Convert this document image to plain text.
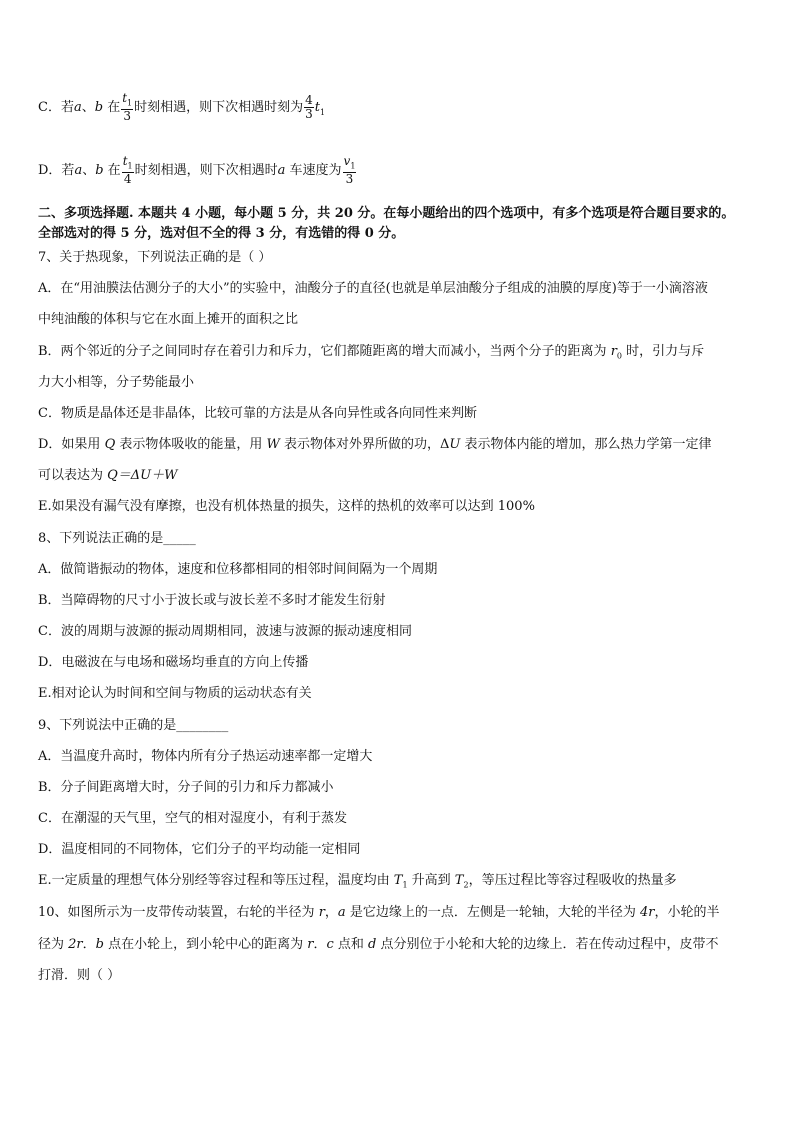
C．若a、b 在 $\frac{t_1}{3}$ 时刻相遇，则下次相遇时刻为 $\frac{4}{3} t_1$
D．若a、b 在 $\frac{t_1}{4}$ 时刻相遇，则下次相遇时a 车速度为 $\frac{v_1}{3}$
二、多项选择题. 本题共 4 小题，每小题 5 分，共 20 分。在每小题给出的四个选项中，有多个选项是符合题目要求的。
全部选对的得 5 分，选对但不全的得 3 分，有选错的得 0 分。
7、关于热现象，下列说法正确的是（ ）
A．在“用油膜法估测分子的大小”的实验中，油酸分子的直径(也就是单层油酸分子组成的油膜的厚度)等于一小滴溶液
中纯油酸的体积与它在水面上摊开的面积之比
B．两个邻近的分子之间同时存在着引力和斥力，它们都随距离的增大而减小，当两个分子的距离为 $r_0$ 时，引力与斥
力大小相等，分子势能最小
C．物质是晶体还是非晶体，比较可靠的方法是从各向异性或各向同性来判断
D．如果用 Q 表示物体吸收的能量，用 W 表示物体对外界所做的功，ΔU 表示物体内能的增加，那么热力学第一定律
可以表达为 Q＝ΔU＋W
E.如果没有漏气没有摩擦，也没有机体热量的损失，这样的热机的效率可以达到 100%
8、下列说法正确的是_____
A．做简谐振动的物体，速度和位移都相同的相邻时间间隔为一个周期
B．当障碍物的尺寸小于波长或与波长差不多时才能发生衍射
C．波的周期与波源的振动周期相同，波速与波源的振动速度相同
D．电磁波在与电场和磁场均垂直的方向上传播
E.相对论认为时间和空间与物质的运动状态有关
9、下列说法中正确的是________
A．当温度升高时，物体内所有分子热运动速率都一定增大
B．分子间距离增大时，分子间的引力和斥力都减小
C．在潮湿的天气里，空气的相对湿度小，有利于蒸发
D．温度相同的不同物体，它们分子的平均动能一定相同
E.一定质量的理想气体分别经等容过程和等压过程，温度均由 $T_1$ 升高到 $T_2$，等压过程比等容过程吸收的热量多
10、如图所示为一皮带传动装置，右轮的半径为 r，a 是它边缘上的一点．左侧是一轮轴，大轮的半径为 4r，小轮的半
径为 2r．b 点在小轮上，到小轮中心的距离为 r．c 点和 d 点分别位于小轮和大轮的边缘上．若在传动过程中，皮带不
打滑．则（ ）
